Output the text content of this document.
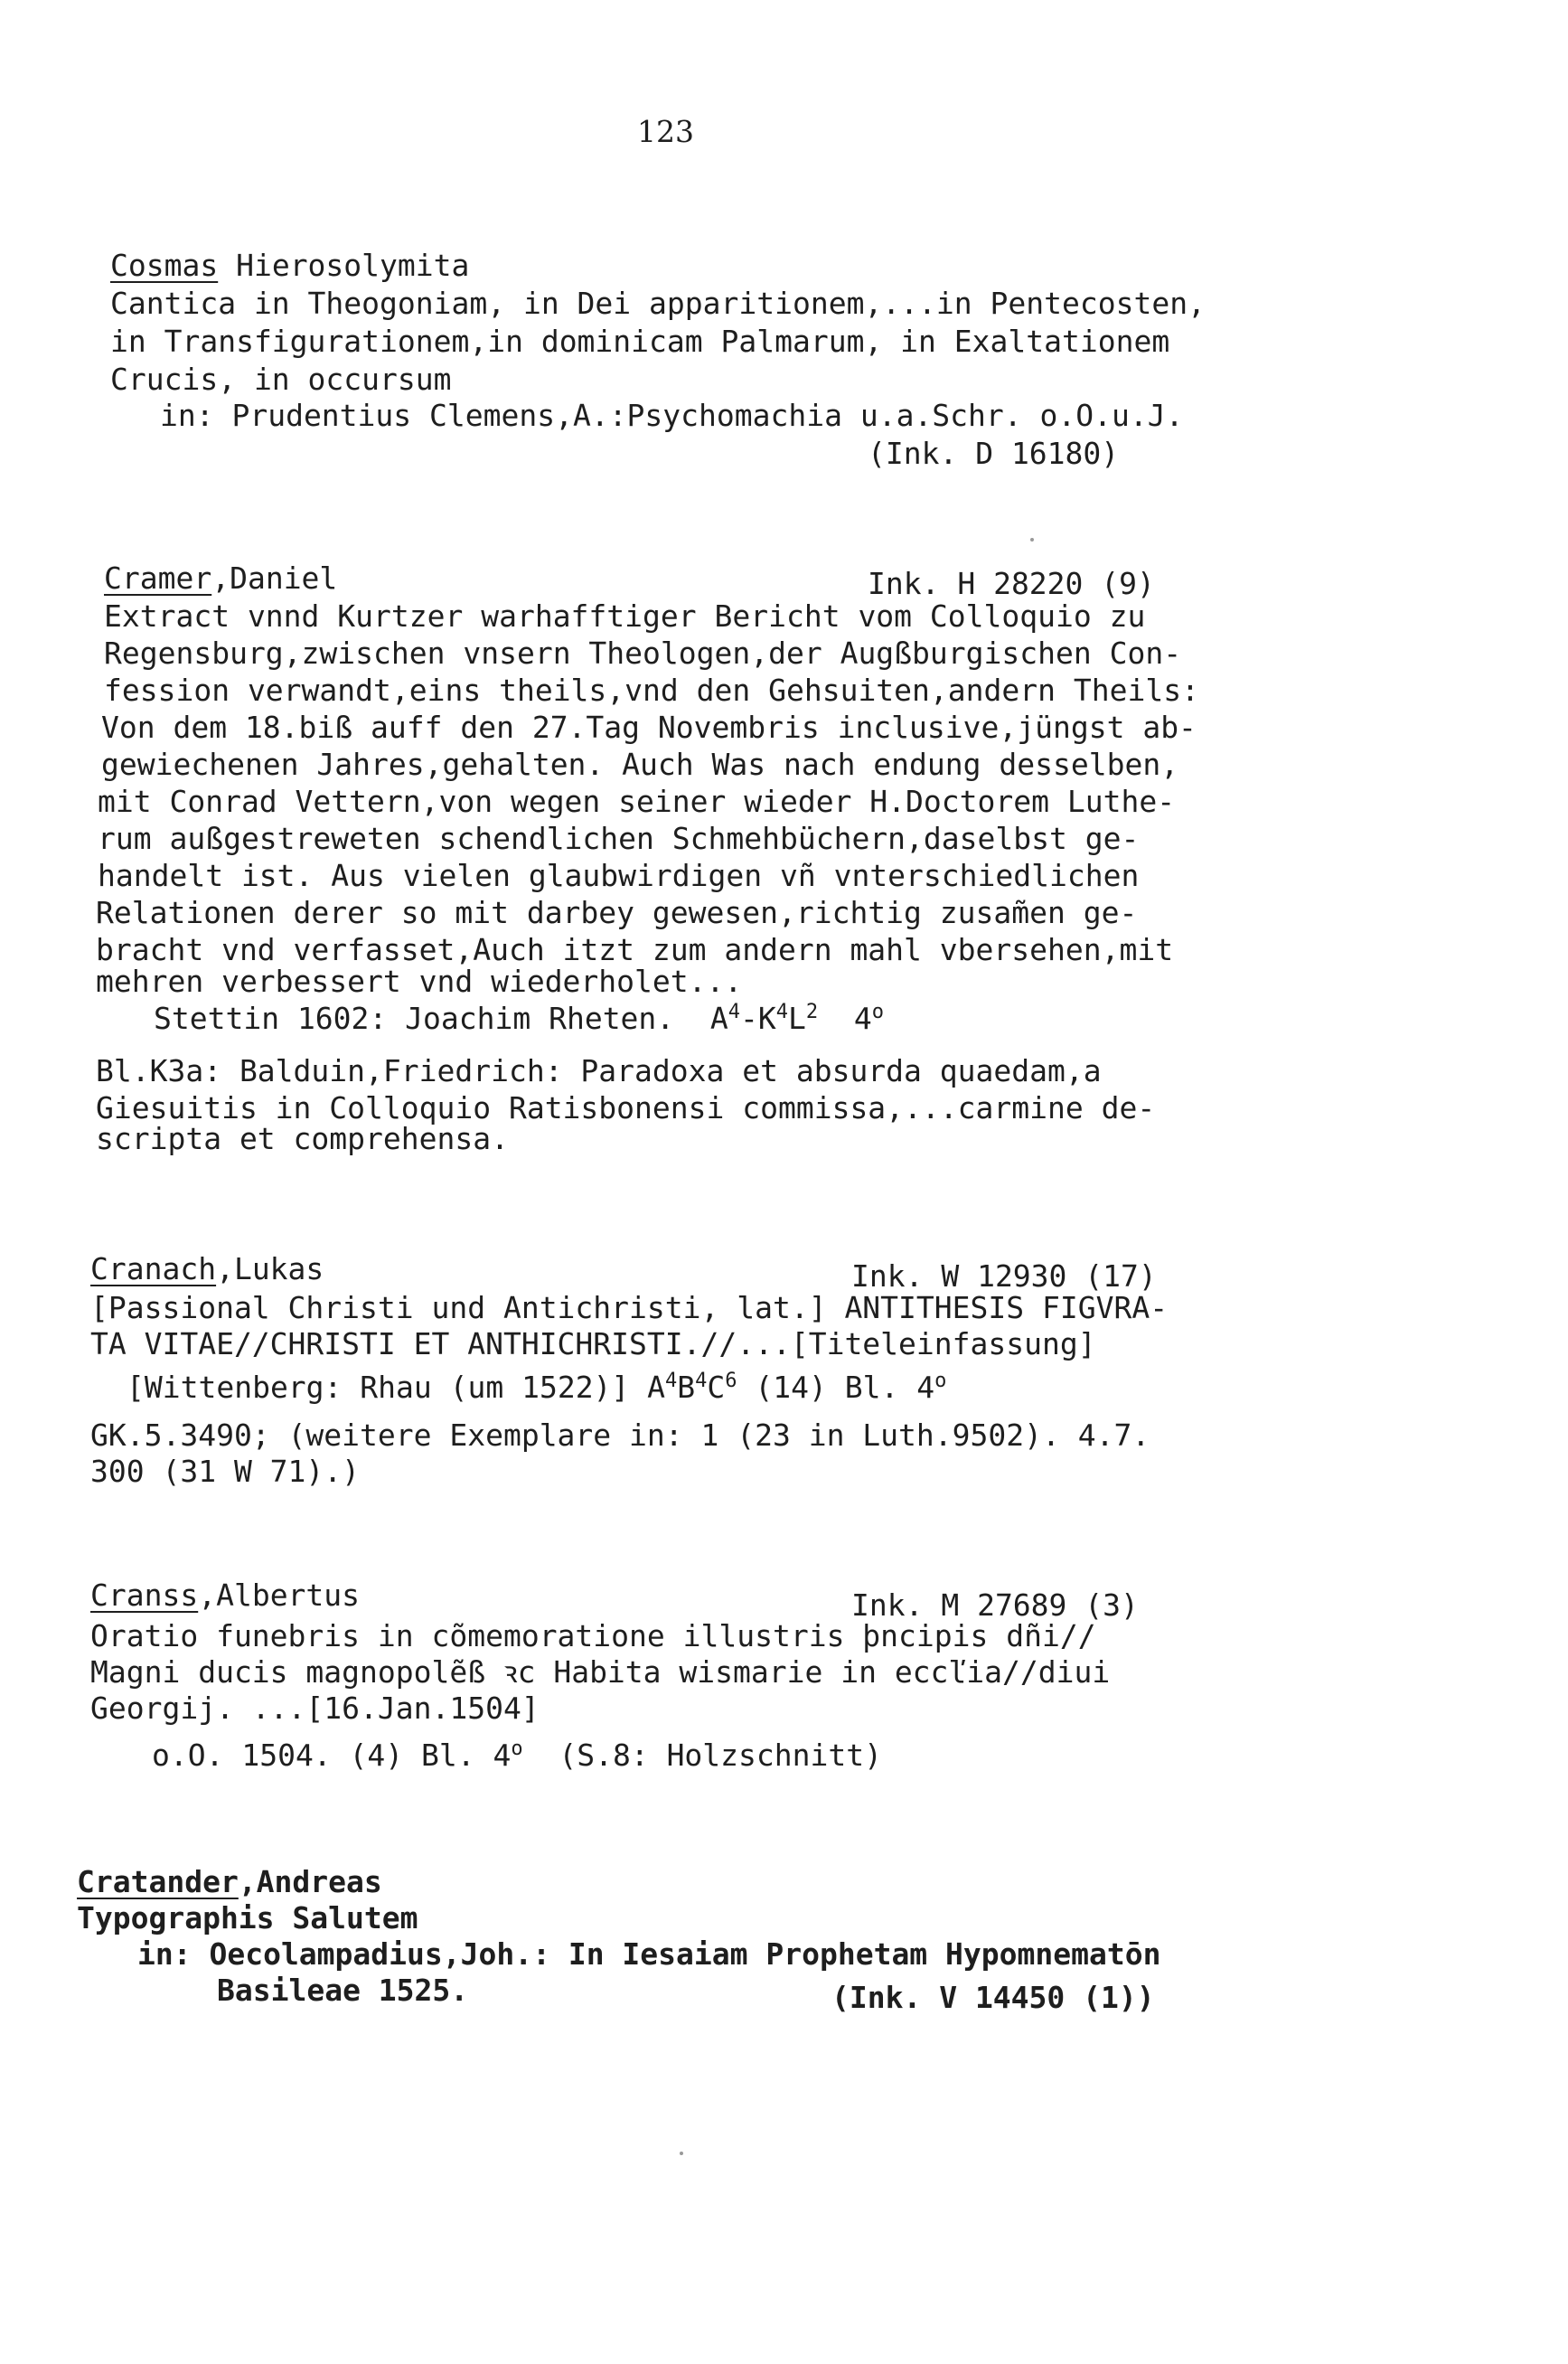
123
Cosmas Hierosolymita
Cantica in Theogoniam, in Dei apparitionem,...in Pentecosten,
in Transfigurationem,in dominicam Palmarum, in Exaltationem
Crucis, in occursum
in: Prudentius Clemens,A.:Psychomachia u.a.Schr. o.O.u.J.
(Ink. D 16180)
Cramer,Daniel	Ink. H 28220 (9)
Extract vnnd Kurtzer warhafftiger Bericht vom Colloquio zu
Regensburg,zwischen vnsern Theologen,der Augßburgischen Con-
fession verwandt,eins theils,vnd den Gehsuiten,andern Theils:
Von dem 18.biß auff den 27.Tag Novembris inclusive,jüngst ab-
gewiechenen Jahres,gehalten. Auch Was nach endung desselben,
mit Conrad Vettern,von wegen seiner wieder H.Doctorem Luthe-
rum außgestreweten schendlichen Schmehbüchern,daselbst ge-
handelt ist. Aus vielen glaubwirdigen vñ vnterschiedlichen
Relationen derer so mit darbey gewesen,richtig zusam̃en ge-
bracht vnd verfasset,Auch itzt zum andern mahl vbersehen,mit
mehren verbessert vnd wiederholet...
Stettin 1602: Joachim Rheten. $A^4-K^4L^2$ 4$^o$
Bl.K3a: Balduin,Friedrich: Paradoxa et absurda quaedam,a
Giesuitis in Colloquio Ratisbonensi commissa,...carmine de-
scripta et comprehensa.
Cranach,Lukas	Ink. W 12930 (17)
[Passional Christi und Antichristi, lat.] ANTITHESIS FIGVRA-
TA VITAE//CHRISTI ET ANTHICHRISTI.//...[Titeleinfassung]
[Wittenberg: Rhau (um 1522)] $A^4B^4C^6$ (14) Bl. 4$^o$
GK.5.3490; (weitere Exemplare in: 1 (23 in Luth.9502). 4.7.
300 (31 W 71).)
Cranss,Albertus	Ink. M 27689 (3)
Oratio funebris in cõmemoratione illustris þncipis dñi//
Magni ducis magnopolẽß ꝛc Habita wismarie in eccľia//diui
Georgij. ...[16.Jan.1504]
o.O. 1504. (4) Bl. 4$^o$ (S.8: Holzschnitt)
Cratander,Andreas
Typographis Salutem
in: Oecolampadius,Joh.: In Iesaiam Prophetam Hypomnematōn
Basileae 1525.	(Ink. V 14450 (1))
